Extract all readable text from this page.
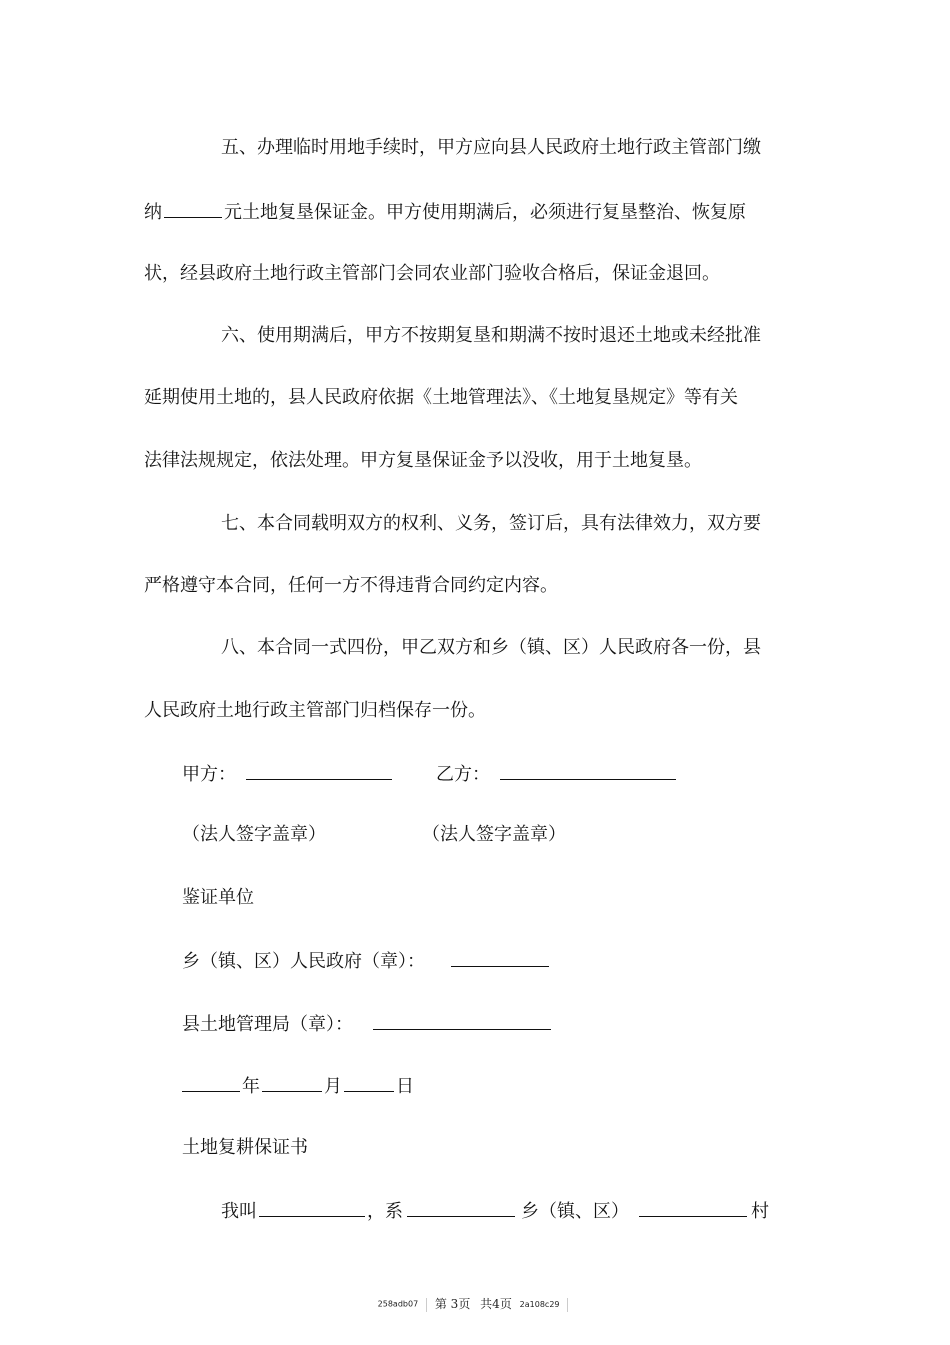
五、办理临时用地手续时，甲方应向县人民政府土地行政主管部门缴
纳	元土地复垦保证金。甲方使用期满后，必须进行复垦整治、恢复原
状，经县政府土地行政主管部门会同农业部门验收合格后，保证金退回。
六、使用期满后，甲方不按期复垦和期满不按时退还土地或未经批准
延期使用土地的，县人民政府依据《土地管理法》、《土地复垦规定》等有关
法律法规规定，依法处理。甲方复垦保证金予以没收，用于土地复垦。
七、本合同载明双方的权利、义务，签订后，具有法律效力，双方要
严格遵守本合同，任何一方不得违背合同约定内容。
八、本合同一式四份，甲乙双方和乡（镇、区）人民政府各一份，县
人民政府土地行政主管部门归档保存一份。
甲方：	乙方：
（法人签字盖章）	（法人签字盖章）
鉴证单位
乡（镇、区）人民政府（章）：
县土地管理局（章）：
年	月	日
土地复耕保证书
我叫	，系	乡（镇、区）	村
258adb07 第 3页 共4页 2a108c29
